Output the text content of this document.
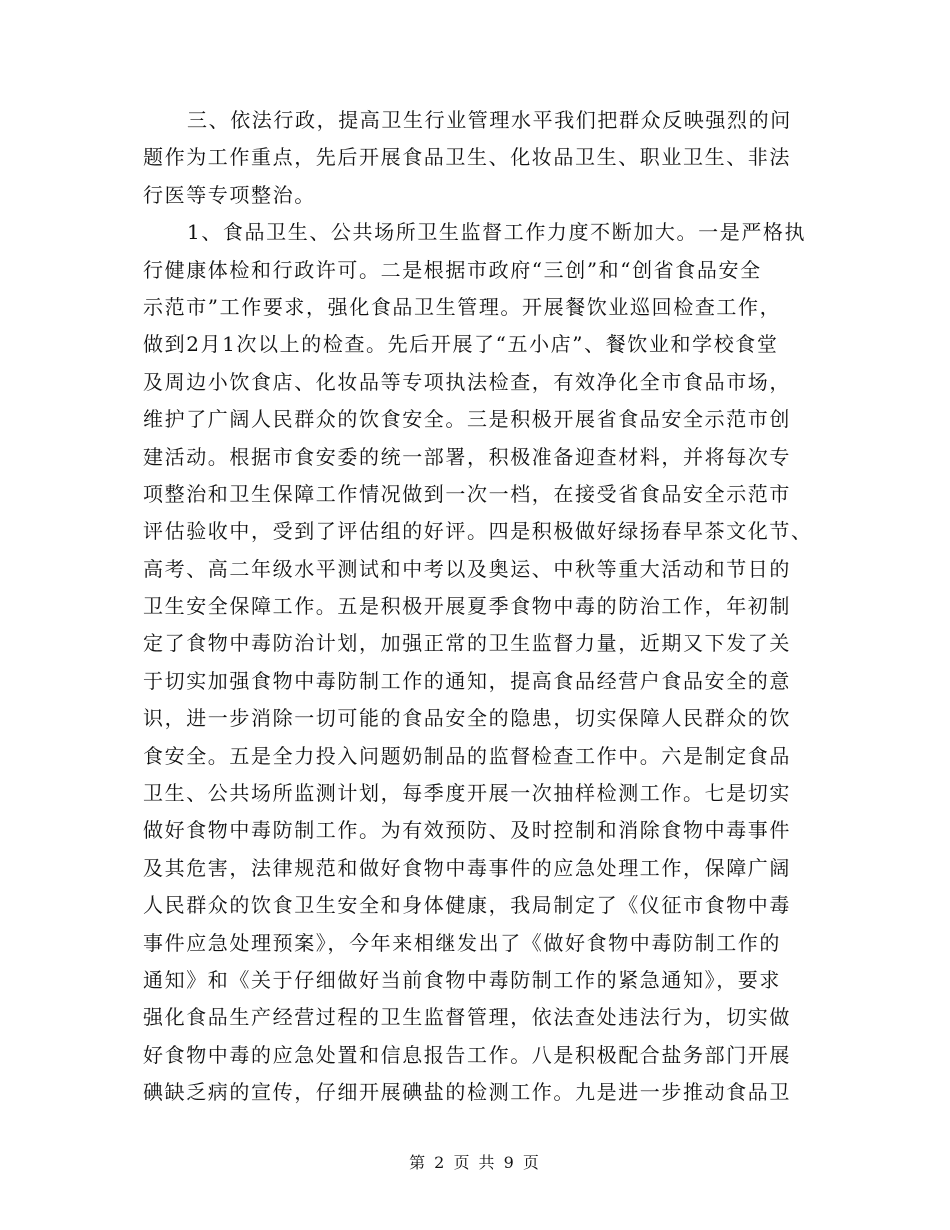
三、依法行政，提高卫生行业管理水平我们把群众反映强烈的问
题作为工作重点，先后开展食品卫生、化妆品卫生、职业卫生、非法
行医等专项整治。
1、食品卫生、公共场所卫生监督工作力度不断加大。一是严格执
行健康体检和行政许可。二是根据市政府“三创”和“创省食品安全
示范市”工作要求，强化食品卫生管理。开展餐饮业巡回检查工作，
做到2月1次以上的检查。先后开展了“五小店”、餐饮业和学校食堂
及周边小饮食店、化妆品等专项执法检查，有效净化全市食品市场，
维护了广阔人民群众的饮食安全。三是积极开展省食品安全示范市创
建活动。根据市食安委的统一部署，积极准备迎查材料，并将每次专
项整治和卫生保障工作情况做到一次一档，在接受省食品安全示范市
评估验收中，受到了评估组的好评。四是积极做好绿扬春早茶文化节、
高考、高二年级水平测试和中考以及奥运、中秋等重大活动和节日的
卫生安全保障工作。五是积极开展夏季食物中毒的防治工作，年初制
定了食物中毒防治计划，加强正常的卫生监督力量，近期又下发了关
于切实加强食物中毒防制工作的通知，提高食品经营户食品安全的意
识，进一步消除一切可能的食品安全的隐患，切实保障人民群众的饮
食安全。五是全力投入问题奶制品的监督检查工作中。六是制定食品
卫生、公共场所监测计划，每季度开展一次抽样检测工作。七是切实
做好食物中毒防制工作。为有效预防、及时控制和消除食物中毒事件
及其危害，法律规范和做好食物中毒事件的应急处理工作，保障广阔
人民群众的饮食卫生安全和身体健康，我局制定了《仪征市食物中毒
事件应急处理预案》，今年来相继发出了《做好食物中毒防制工作的
通知》和《关于仔细做好当前食物中毒防制工作的紧急通知》，要求
强化食品生产经营过程的卫生监督管理，依法查处违法行为，切实做
好食物中毒的应急处置和信息报告工作。八是积极配合盐务部门开展
碘缺乏病的宣传，仔细开展碘盐的检测工作。九是进一步推动食品卫
第 2 页 共 9 页
